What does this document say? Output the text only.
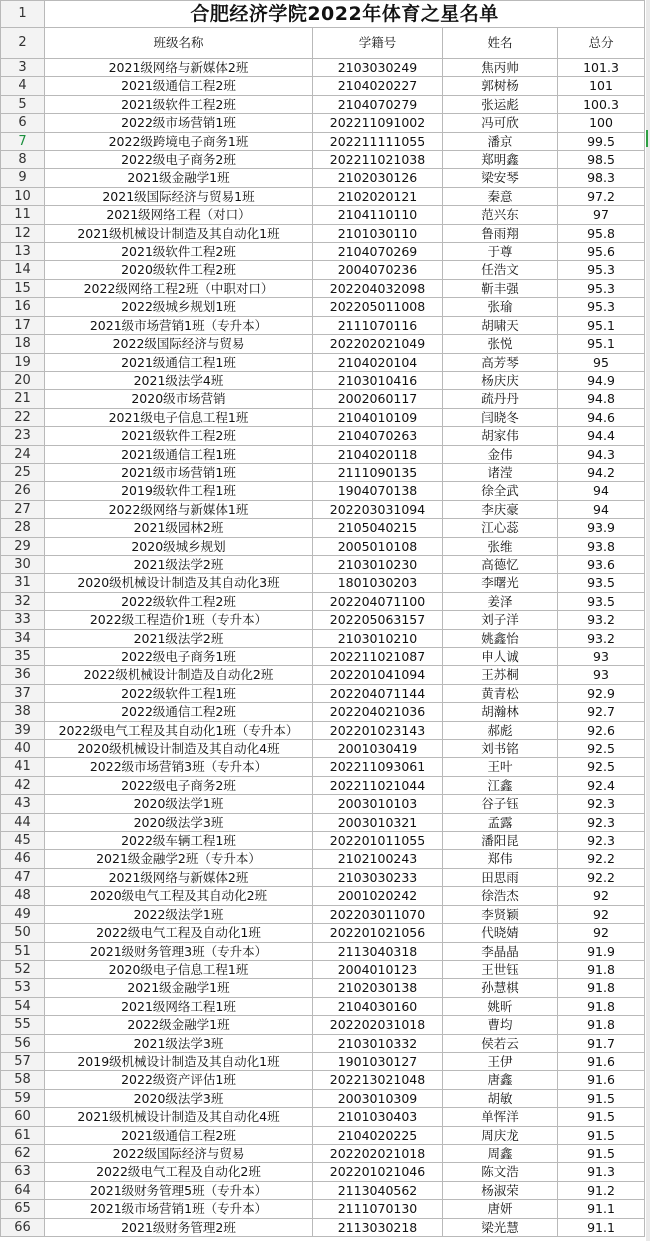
1	合肥经济学院2022年体育之星名单			
2	班级名称	学籍号	姓名	总分
3	2021级网络与新媒体2班	2103030249	焦丙帅	101.3
4	2021级通信工程2班	2104020227	郭树杨	101
5	2021级软件工程2班	2104070279	张运彪	100.3
6	2022级市场营销1班	202211091002	冯可欣	100
7	2022级跨境电子商务1班	202211111055	潘京	99.5
8	2022级电子商务2班	202211021038	郑明鑫	98.5
9	2021级金融学1班	2102030126	梁安琴	98.3
10	2021级国际经济与贸易1班	2102020121	秦意	97.2
11	2021级网络工程（对口）	2104110110	范兴东	97
12	2021级机械设计制造及其自动化1班	2101030110	鲁雨翔	95.8
13	2021级软件工程2班	2104070269	于尊	95.6
14	2020级软件工程2班	2004070236	任浩文	95.3
15	2022级网络工程2班（中职对口）	202204032098	靳丰强	95.3
16	2022级城乡规划1班	202205011008	张瑜	95.3
17	2021级市场营销1班（专升本）	2111070116	胡啸天	95.1
18	2022级国际经济与贸易	202202021049	张悦	95.1
19	2021级通信工程1班	2104020104	高芳琴	95
20	2021级法学4班	2103010416	杨庆庆	94.9
21	2020级市场营销	2002060117	疏丹丹	94.8
22	2021级电子信息工程1班	2104010109	闫晓冬	94.6
23	2021级软件工程2班	2104070263	胡家伟	94.4
24	2021级通信工程1班	2104020118	金伟	94.3
25	2021级市场营销1班	2111090135	诸滢	94.2
26	2019级软件工程1班	1904070138	徐全武	94
27	2022级网络与新媒体1班	202203031094	李庆豪	94
28	2021级园林2班	2105040215	江心蕊	93.9
29	2020级城乡规划	2005010108	张维	93.8
30	2021级法学2班	2103010230	高德忆	93.6
31	2020级机械设计制造及其自动化3班	1801030203	李曙光	93.5
32	2022级软件工程2班	202204071100	姜泽	93.5
33	2022级工程造价1班（专升本）	202205063157	刘子洋	93.2
34	2021级法学2班	2103010210	姚鑫怡	93.2
35	2022级电子商务1班	202211021087	申人诚	93
36	2022级机械设计制造及自动化2班	202201041094	王苏桐	93
37	2022级软件工程1班	202204071144	黄青松	92.9
38	2022级通信工程2班	202204021036	胡瀚林	92.7
39	2022级电气工程及其自动化1班（专升本）	202201023143	郝彪	92.6
40	2020级机械设计制造及其自动化4班	2001030419	刘书铭	92.5
41	2022级市场营销3班（专升本）	202211093061	王叶	92.5
42	2022级电子商务2班	202211021044	江鑫	92.4
43	2020级法学1班	2003010103	谷子钰	92.3
44	2020级法学3班	2003010321	孟露	92.3
45	2022级车辆工程1班	202201011055	潘阳昆	92.3
46	2021级金融学2班（专升本）	2102100243	郑伟	92.2
47	2021级网络与新媒体2班	2103030233	田思雨	92.2
48	2020级电气工程及其自动化2班	2001020242	徐浩杰	92
49	2022级法学1班	202203011070	李贤颖	92
50	2022级电气工程及自动化1班	202201021056	代晓婧	92
51	2021级财务管理3班（专升本）	2113040318	李晶晶	91.9
52	2020级电子信息工程1班	2004010123	王世钰	91.8
53	2021级金融学1班	2102030138	孙慧棋	91.8
54	2021级网络工程1班	2104030160	姚昕	91.8
55	2022级金融学1班	202202031018	曹均	91.8
56	2021级法学3班	2103010332	侯若云	91.7
57	2019级机械设计制造及其自动化1班	1901030127	王伊	91.6
58	2022级资产评估1班	202213021048	唐鑫	91.6
59	2020级法学3班	2003010309	胡敏	91.5
60	2021级机械设计制造及其自动化4班	2101030403	单恽洋	91.5
61	2021级通信工程2班	2104020225	周庆龙	91.5
62	2022级国际经济与贸易	202202021018	周鑫	91.5
63	2022级电气工程及自动化2班	202201021046	陈文浩	91.3
64	2021级财务管理5班（专升本）	2113040562	杨淑荣	91.2
65	2021级市场营销1班（专升本）	2111070130	唐妍	91.1
66	2021级财务管理2班	2113030218	梁光慧	91.1
